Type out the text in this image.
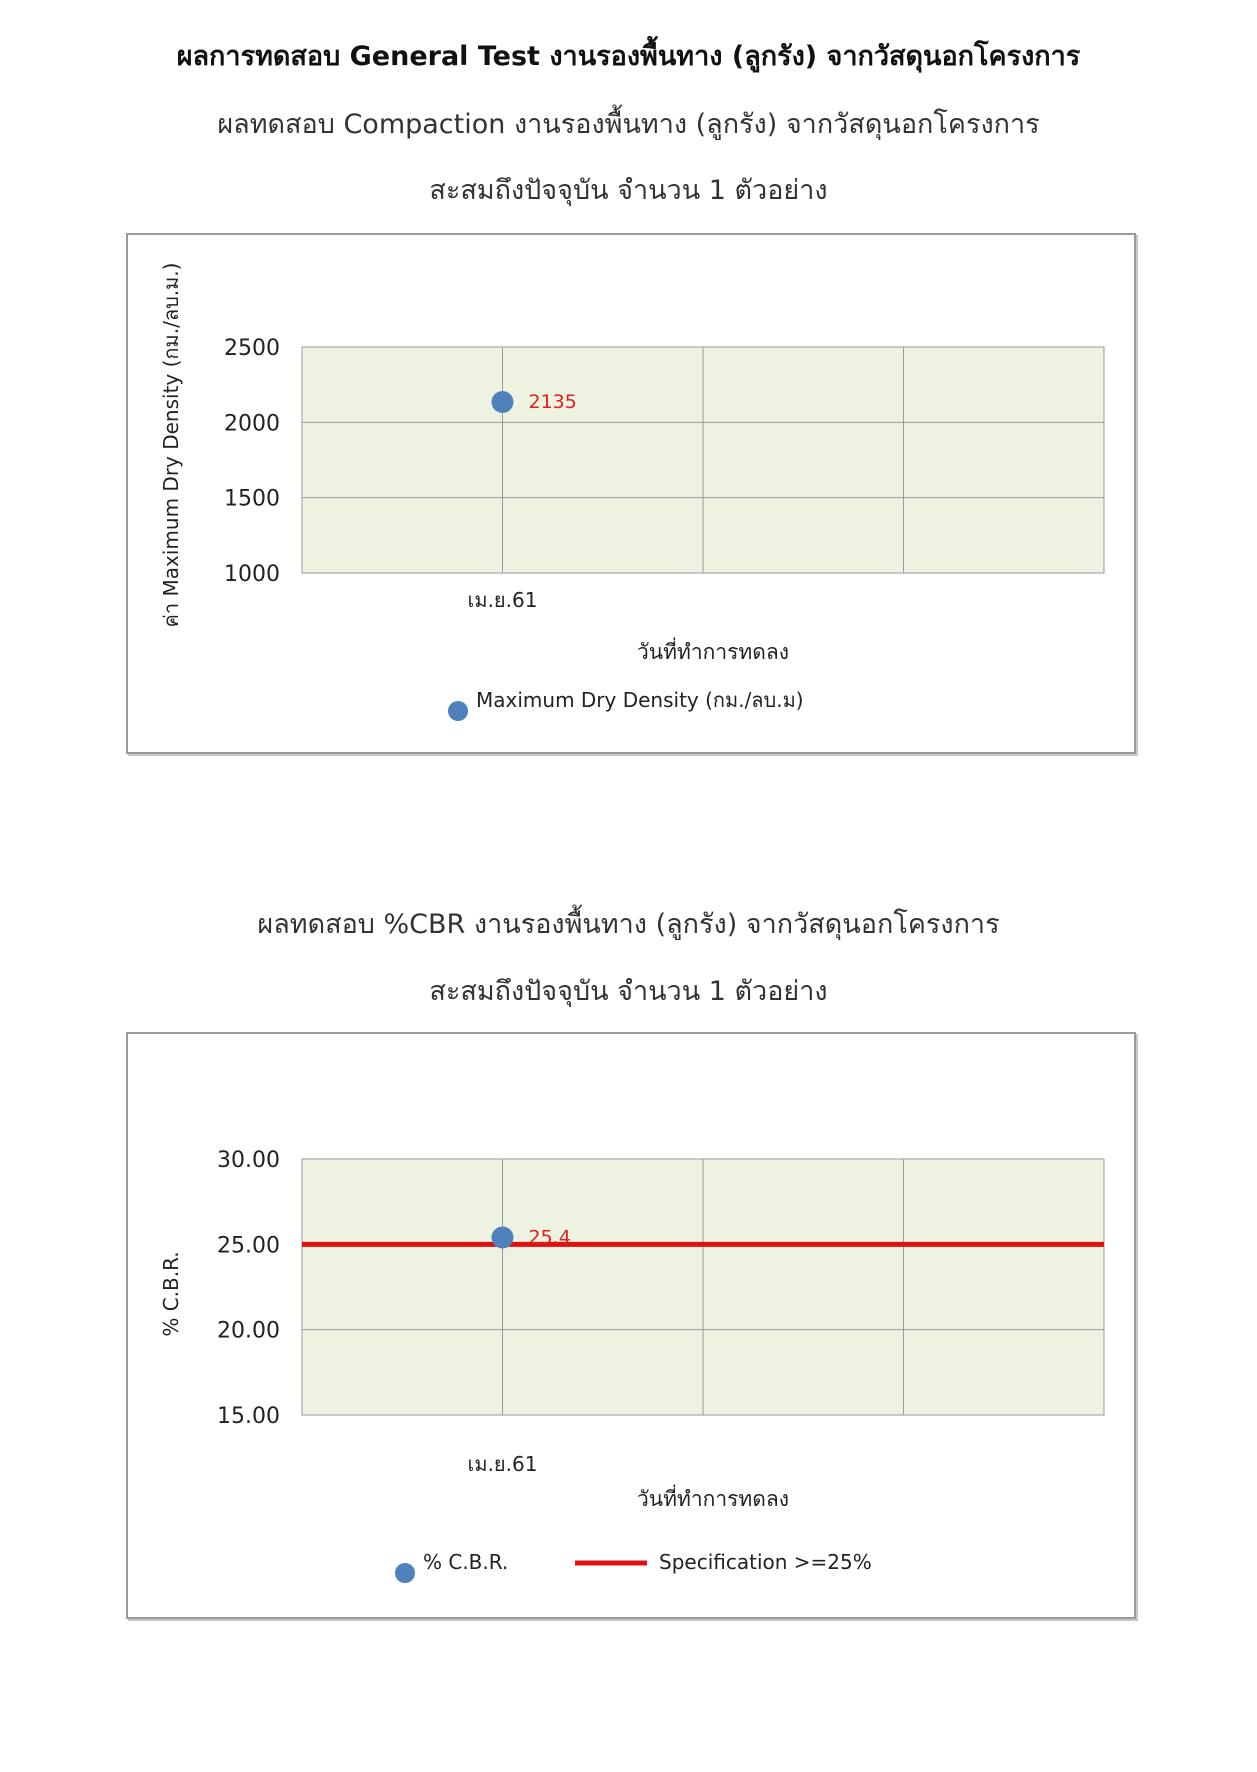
ผลการทดสอบ General Test งานรองพื้นทาง (ลูกรัง) จากวัสดุนอกโครงการ
ผลทดสอบ Compaction งานรองพื้นทาง (ลูกรัง) จากวัสดุนอกโครงการ
สะสมถึงปัจจุบัน จำนวน 1 ตัวอย่าง
1000
1500
2000
2500
เม.ย.61
2135
วันที่ทำการทดลง
ค่า Maximum Dry Density (กม./ลบ.ม.)
Maximum Dry Density (กม./ลบ.ม)
ผลทดสอบ %CBR งานรองพื้นทาง (ลูกรัง) จากวัสดุนอกโครงการ
สะสมถึงปัจจุบัน จำนวน 1 ตัวอย่าง
15.00
20.00
25.00
30.00
เม.ย.61
25.4
วันที่ทำการทดลง
% C.B.R.
% C.B.R.	Specification >=25%
